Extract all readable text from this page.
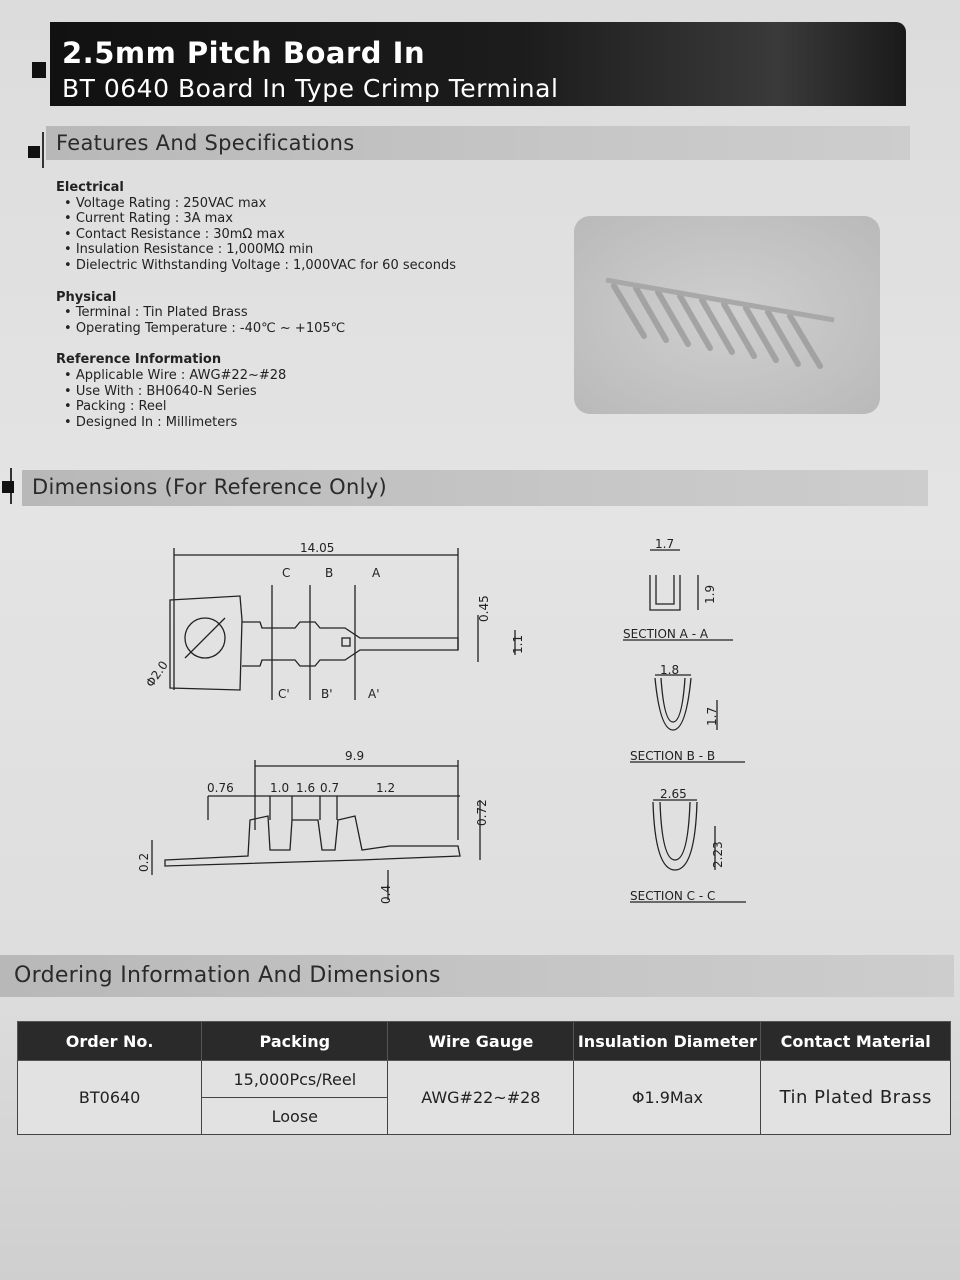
2.5mm Pitch Board In
BT 0640 Board In Type Crimp Terminal
Features And Specifications
Electrical
• Voltage Rating : 250VAC max
• Current Rating : 3A max
• Contact Resistance : 30mΩ max
• Insulation Resistance : 1,000MΩ min
• Dielectric Withstanding Voltage : 1,000VAC for 60 seconds
Physical
• Terminal : Tin Plated Brass
• Operating Temperature : -40℃ ~ +105℃
Reference Information
• Applicable Wire : AWG#22~#28
• Use With : BH0640-N Series
• Packing : Reel
• Designed In : Millimeters
Dimensions (For Reference Only)
14.05
C	B	A
C'	B'	A'
Φ2.0
0.45
1.1
9.9
0.76	1.0 1.6 0.7	1.2
0.72
0.2
0.4
1.7
1.9
SECTION A - A
1.8
1.7
SECTION B - B
2.65
2.23
SECTION C - C
Ordering Information And Dimensions
Order No.	Packing	Wire Gauge	Insulation Diameter	Contact Material
BT0640	15,000Pcs/Reel	AWG#22~#28	Φ1.9Max	Tin Plated Brass
	Loose			
